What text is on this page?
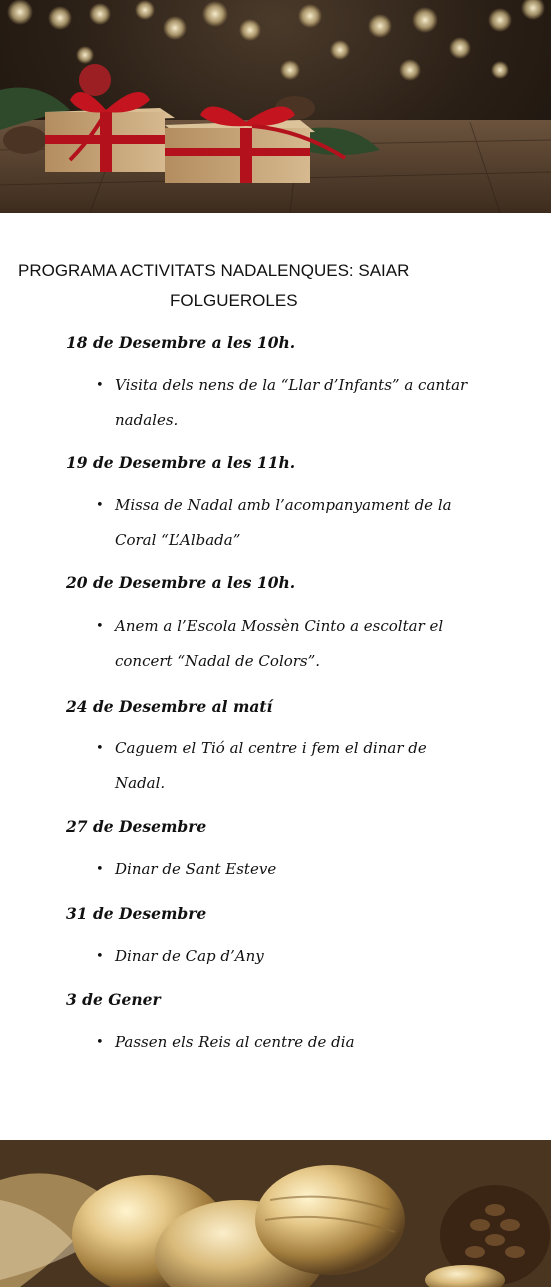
PROGRAMA ACTIVITATS NADALENQUES: SAIAR
FOLGUEROLES
18 de Desembre a les 10h.
• Visita dels nens de la “Llar d’Infants” a cantar nadales.
19 de Desembre a les 11h.
• Missa de Nadal amb l’acompanyament de la Coral “L’Albada”
20 de Desembre a les 10h.
• Anem a l’Escola Mossèn Cinto a escoltar el concert “Nadal de Colors”.
24 de Desembre al matí
• Caguem el Tió al centre i fem el dinar de Nadal.
27 de Desembre
• Dinar de Sant Esteve
31 de Desembre
• Dinar de Cap d’Any
3 de Gener
• Passen els Reis al centre de dia
